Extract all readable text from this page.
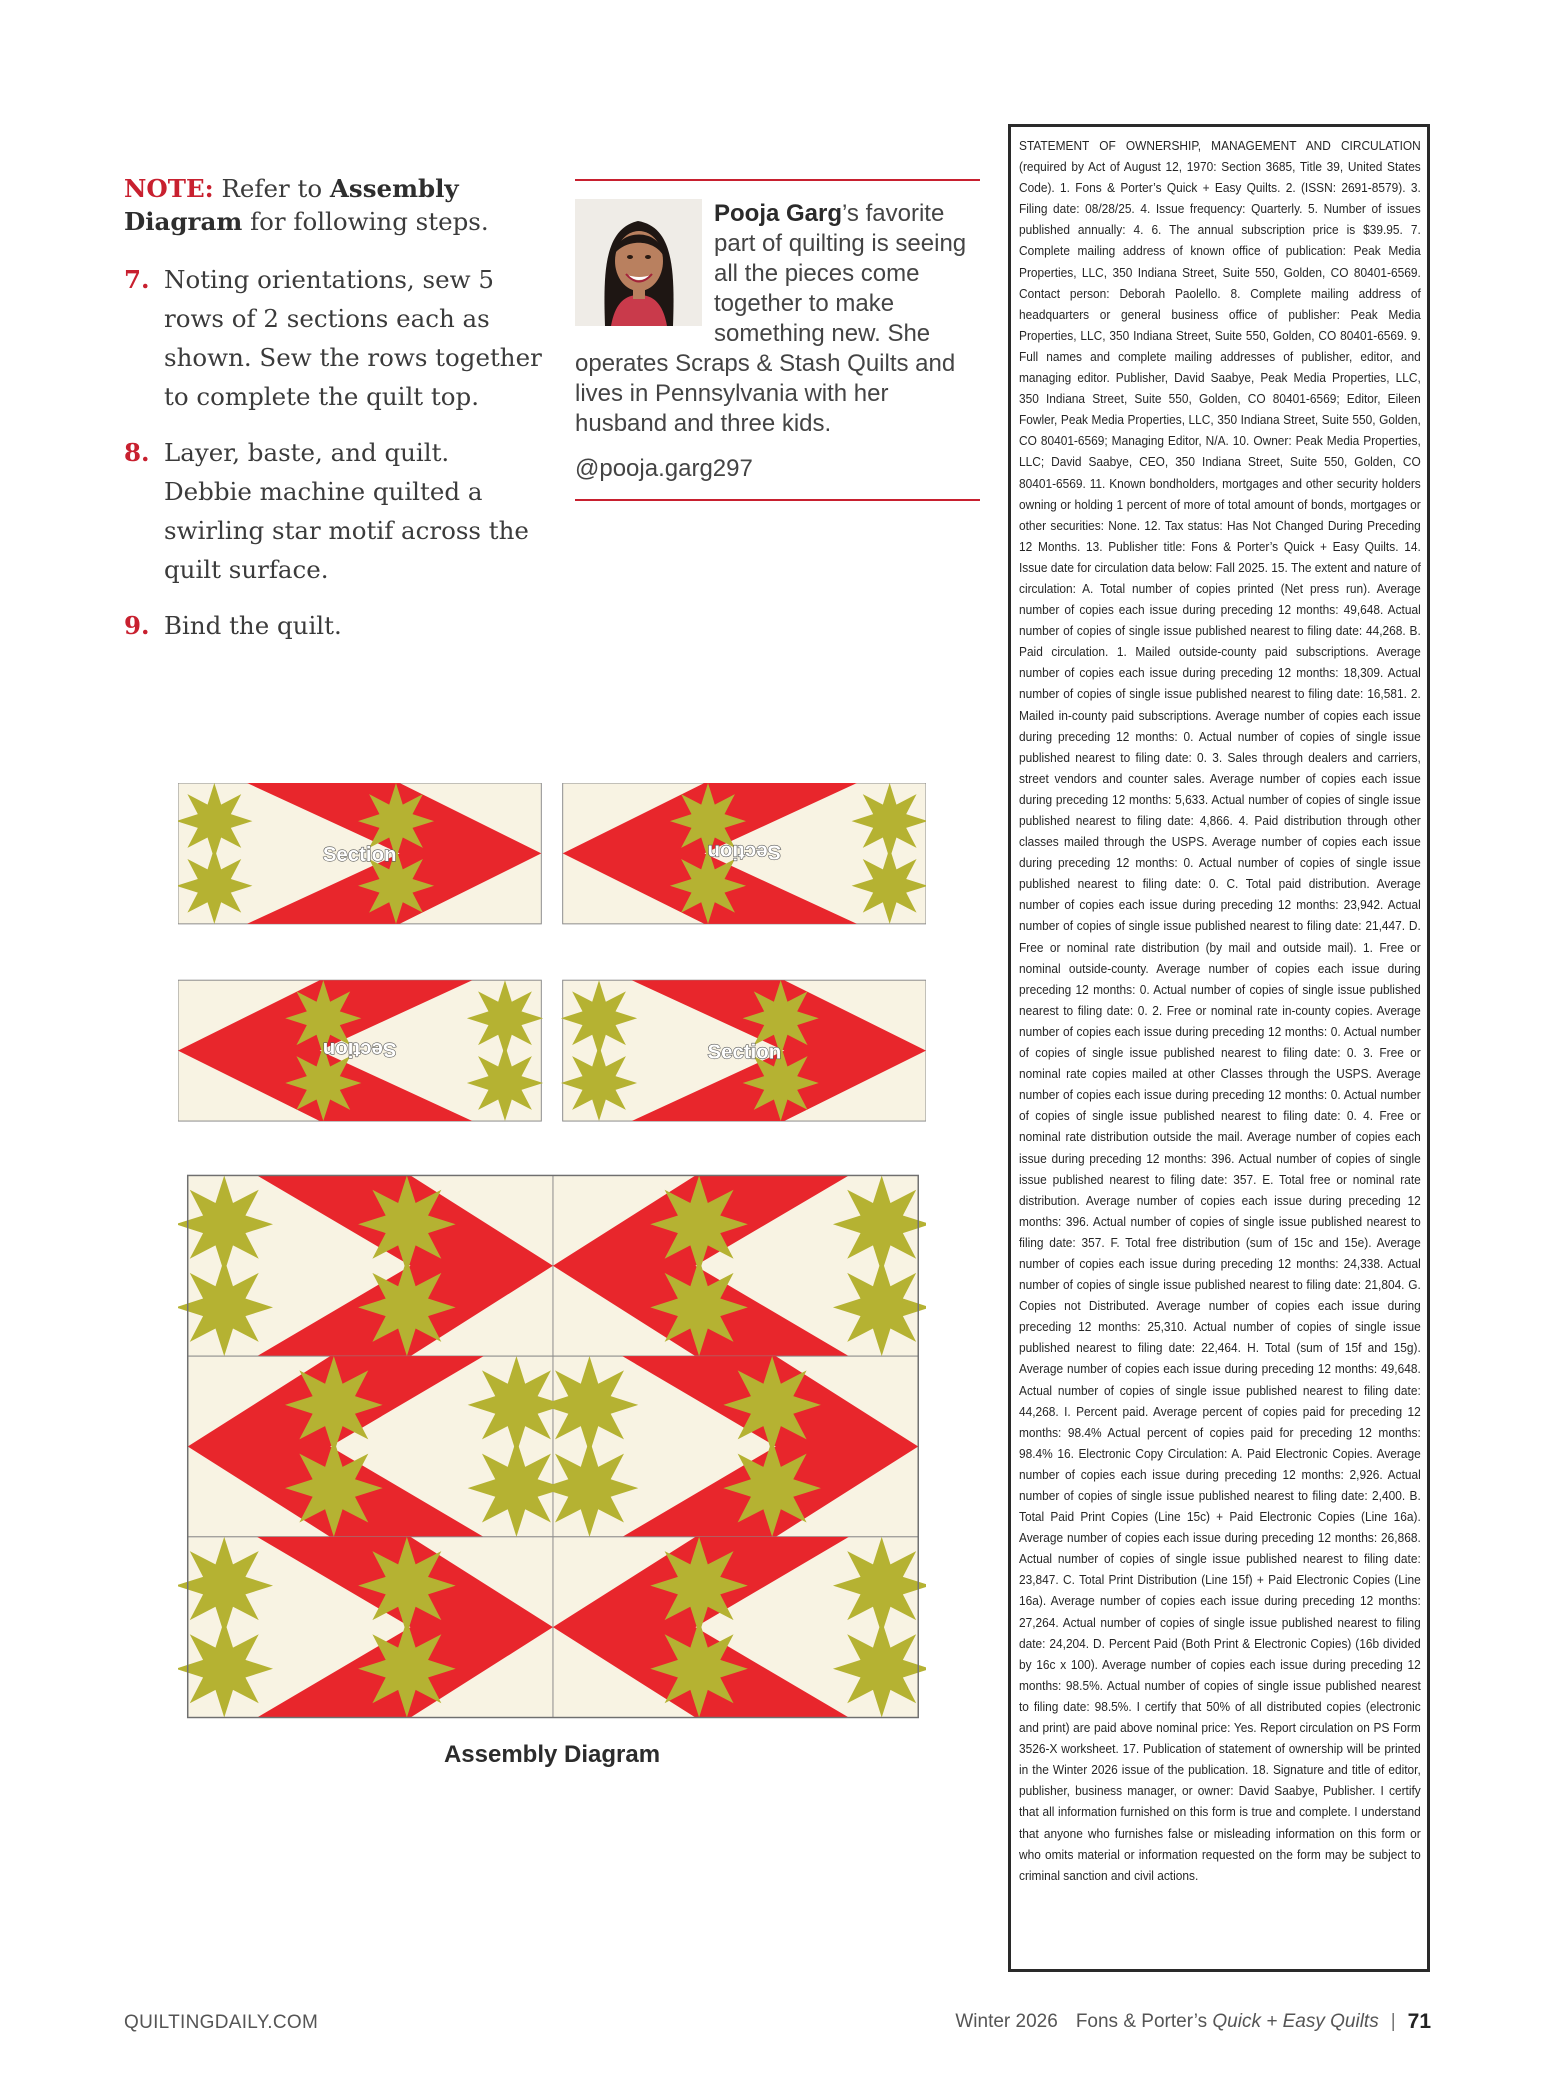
NOTE: Refer to Assembly Diagram for following steps.

7. Noting orientations, sew 5 rows of 2 sections each as shown. Sew the rows together to complete the quilt top.
8. Layer, baste, and quilt. Debbie machine quilted a swirling star motif across the quilt surface.
9. Bind the quilt.
Pooja Garg’s favorite part of quilting is seeing all the pieces come together to make something new. She operates Scraps & Stash Quilts and lives in Pennsylvania with her husband and three kids.
@pooja.garg297

STATEMENT OF OWNERSHIP, MANAGEMENT AND CIRCULATION (required by Act of August 12, 1970: Section 3685, Title 39, United States Code). 1. Fons & Porter’s Quick + Easy Quilts. 2. (ISSN: 2691-8579). 3. Filing date: 08/28/25. 4. Issue frequency: Quarterly. 5. Number of issues published annually: 4. 6. The annual subscription price is $39.95. 7. Complete mailing address of known office of publication: Peak Media Properties, LLC, 350 Indiana Street, Suite 550, Golden, CO 80401-6569. Contact person: Deborah Paolello. 8. Complete mailing address of headquarters or general business office of publisher: Peak Media Properties, LLC, 350 Indiana Street, Suite 550, Golden, CO 80401-6569. 9. Full names and complete mailing addresses of publisher, editor, and managing editor. Publisher, David Saabye, Peak Media Properties, LLC, 350 Indiana Street, Suite 550, Golden, CO 80401-6569; Editor, Eileen Fowler, Peak Media Properties, LLC, 350 Indiana Street, Suite 550, Golden, CO 80401-6569; Managing Editor, N/A. 10. Owner: Peak Media Properties, LLC; David Saabye, CEO, 350 Indiana Street, Suite 550, Golden, CO 80401-6569. 11. Known bondholders, mortgages and other security holders owning or holding 1 percent of more of total amount of bonds, mortgages or other securities: None. 12. Tax status: Has Not Changed During Preceding 12 Months. 13. Publisher title: Fons & Porter’s Quick + Easy Quilts. 14. Issue date for circulation data below: Fall 2025. 15. The extent and nature of circulation: A. Total number of copies printed (Net press run). Average number of copies each issue during preceding 12 months: 49,648. Actual number of copies of single issue published nearest to filing date: 44,268. B. Paid circulation. 1. Mailed outside-county paid subscriptions. Average number of copies each issue during preceding 12 months: 18,309. Actual number of copies of single issue published nearest to filing date: 16,581. 2. Mailed in-county paid subscriptions. Average number of copies each issue during preceding 12 months: 0. Actual number of copies of single issue published nearest to filing date: 0. 3. Sales through dealers and carriers, street vendors and counter sales. Average number of copies each issue during preceding 12 months: 5,633. Actual number of copies of single issue published nearest to filing date: 4,866. 4. Paid distribution through other classes mailed through the USPS. Average number of copies each issue during preceding 12 months: 0. Actual number of copies of single issue published nearest to filing date: 0. C. Total paid distribution. Average number of copies each issue during preceding 12 months: 23,942. Actual number of copies of single issue published nearest to filing date: 21,447. D. Free or nominal rate distribution (by mail and outside mail). 1. Free or nominal outside-county. Average number of copies each issue during preceding 12 months: 0. Actual number of copies of single issue published nearest to filing date: 0. 2. Free or nominal rate in-county copies. Average number of copies each issue during preceding 12 months: 0. Actual number of copies of single issue published nearest to filing date: 0. 3. Free or nominal rate copies mailed at other Classes through the USPS. Average number of copies each issue during preceding 12 months: 0. Actual number of copies of single issue published nearest to filing date: 0. 4. Free or nominal rate distribution outside the mail. Average number of copies each issue during preceding 12 months: 396. Actual number of copies of single issue published nearest to filing date: 357. E. Total free or nominal rate distribution. Average number of copies each issue during preceding 12 months: 396. Actual number of copies of single issue published nearest to filing date: 357. F. Total free distribution (sum of 15c and 15e). Average number of copies each issue during preceding 12 months: 24,338. Actual number of copies of single issue published nearest to filing date: 21,804. G. Copies not Distributed. Average number of copies each issue during preceding 12 months: 25,310. Actual number of copies of single issue published nearest to filing date: 22,464. H. Total (sum of 15f and 15g). Average number of copies each issue during preceding 12 months: 49,648. Actual number of copies of single issue published nearest to filing date: 44,268. I. Percent paid. Average percent of copies paid for preceding 12 months: 98.4% Actual percent of copies paid for preceding 12 months: 98.4% 16. Electronic Copy Circulation: A. Paid Electronic Copies. Average number of copies each issue during preceding 12 months: 2,926. Actual number of copies of single issue published nearest to filing date: 2,400. B. Total Paid Print Copies (Line 15c) + Paid Electronic Copies (Line 16a). Average number of copies each issue during preceding 12 months: 26,868. Actual number of copies of single issue published nearest to filing date: 23,847. C. Total Print Distribution (Line 15f) + Paid Electronic Copies (Line 16a). Average number of copies each issue during preceding 12 months: 27,264. Actual number of copies of single issue published nearest to filing date: 24,204. D. Percent Paid (Both Print & Electronic Copies) (16b divided by 16c x 100). Average number of copies each issue during preceding 12 months: 98.5%. Actual number of copies of single issue published nearest to filing date: 98.5%. I certify that 50% of all distributed copies (electronic and print) are paid above nominal price: Yes. Report circulation on PS Form 3526-X worksheet. 17. Publication of statement of ownership will be printed in the Winter 2026 issue of the publication. 18. Signature and title of editor, publisher, business manager, or owner: David Saabye, Publisher. I certify that all information furnished on this form is true and complete. I understand that anyone who furnishes false or misleading information on this form or who omits material or information requested on the form may be subject to criminal sanction and civil actions.

Section	Section
Section	Section
Assembly Diagram
QUILTINGDAILY.COM	Winter 2026 Fons & Porter’s Quick + Easy Quilts | 71
